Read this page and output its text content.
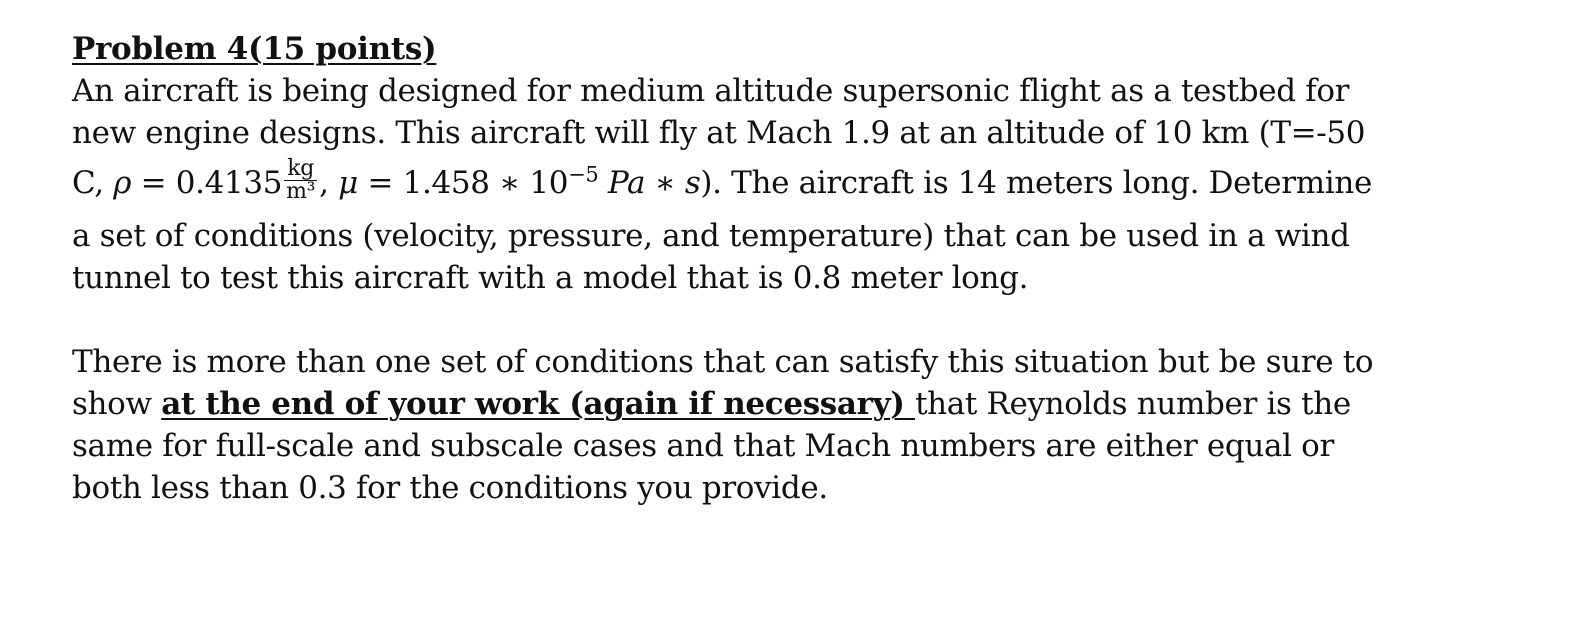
Problem 4(15 points)

An aircraft is being designed for medium altitude supersonic flight as a testbed for
new engine designs. This aircraft will fly at Mach 1.9 at an altitude of 10 km (T=-50
C, $\rho = 0.4135 \frac{kg}{\text{m³}}$ , μ = 1.458 ∗ $10^{-5}$ Pa ∗ s). The aircraft is 14 meters long. Determine
a set of conditions (velocity, pressure, and temperature) that can be used in a wind
tunnel to test this aircraft with a model that is 0.8 meter long.

There is more than one set of conditions that can satisfy this situation but be sure to
show at the end of your work (again if necessary) that Reynolds number is the
same for full-scale and subscale cases and that Mach numbers are either equal or
both less than 0.3 for the conditions you provide.
